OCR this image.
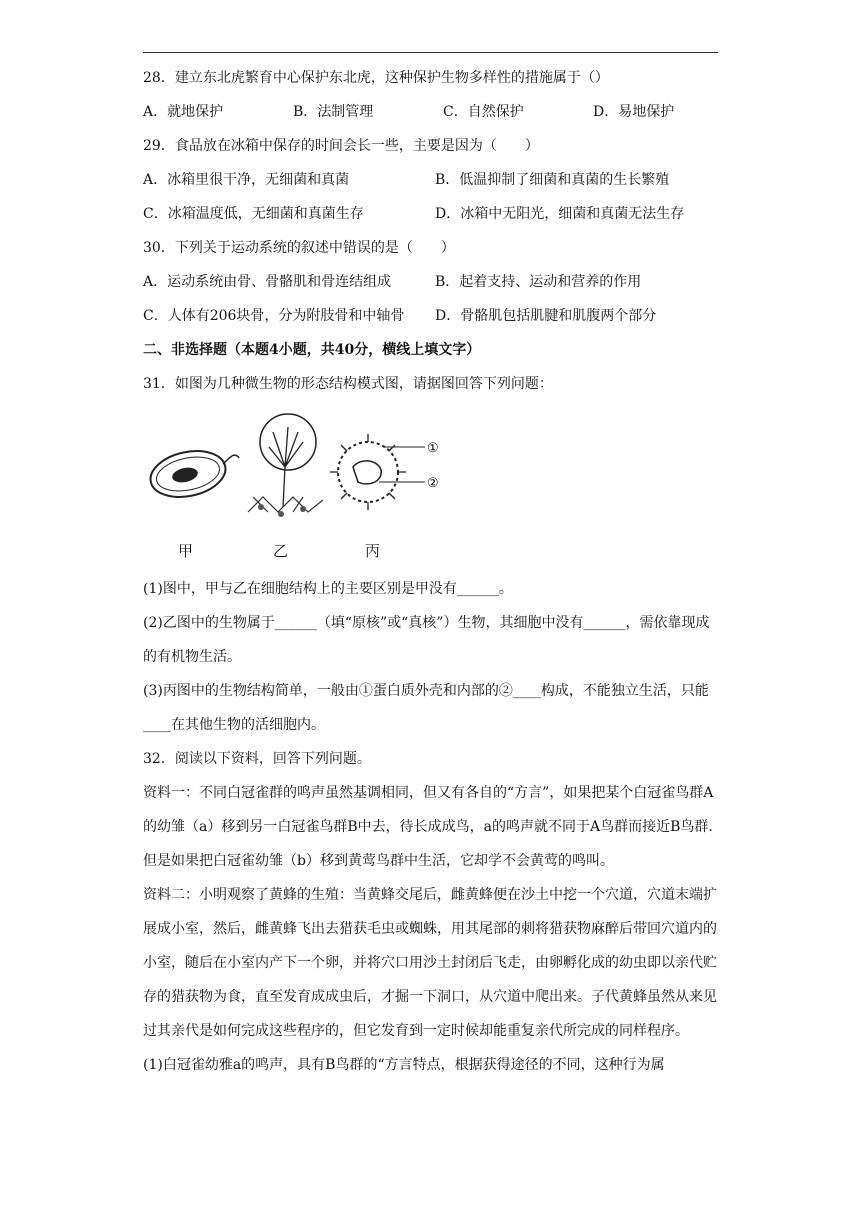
28．建立东北虎繁育中心保护东北虎，这种保护生物多样性的措施属于（）
A．就地保护	B．法制管理	C．自然保护	D．易地保护
29．食品放在冰箱中保存的时间会长一些，主要是因为（　　）
A．冰箱里很干净，无细菌和真菌	B．低温抑制了细菌和真菌的生长繁殖
C．冰箱温度低，无细菌和真菌生存	D．冰箱中无阳光，细菌和真菌无法生存
30．下列关于运动系统的叙述中错误的是（　　）
A．运动系统由骨、骨骼肌和骨连结组成	B．起着支持、运动和营养的作用
C．人体有206块骨，分为附肢骨和中轴骨	D．骨骼肌包括肌腱和肌腹两个部分
二、非选择题（本题4小题，共40分，横线上填文字）
31．如图为几种微生物的形态结构模式图，请据图回答下列问题：
①
②
甲	乙	丙
(1)图中，甲与乙在细胞结构上的主要区别是甲没有______。
(2)乙图中的生物属于______（填“原核”或“真核”）生物，其细胞中没有______，需依靠现成的有机物生活。
(3)丙图中的生物结构简单，一般由①蛋白质外壳和内部的②____构成，不能独立生活，只能____在其他生物的活细胞内。
32．阅读以下资料，回答下列问题。
资料一：不同白冠雀群的鸣声虽然基调相同，但又有各自的“方言”，如果把某个白冠雀鸟群A的幼雏（a）移到另一白冠雀鸟群B中去，待长成成鸟，a的鸣声就不同于A鸟群而接近B鸟群.但是如果把白冠雀幼雏（b）移到黄莺鸟群中生活，它却学不会黄莺的鸣叫。
资料二：小明观察了黄蜂的生殖：当黄蜂交尾后，雌黄蜂便在沙土中挖一个穴道，穴道末端扩展成小室，然后，雌黄蜂飞出去猎获毛虫或蜘蛛，用其尾部的刺将猎获物麻醉后带回穴道内的小室，随后在小室内产下一个卵，并将穴口用沙土封闭后飞走，由卵孵化成的幼虫即以亲代贮存的猎获物为食，直至发育成成虫后，才掘一下洞口，从穴道中爬出来。子代黄蜂虽然从来见过其亲代是如何完成这些程序的，但它发育到一定时候却能重复亲代所完成的同样程序。
(1)白冠雀幼雅a的鸣声，具有B鸟群的“方言特点，根据获得途径的不同，这种行为属
